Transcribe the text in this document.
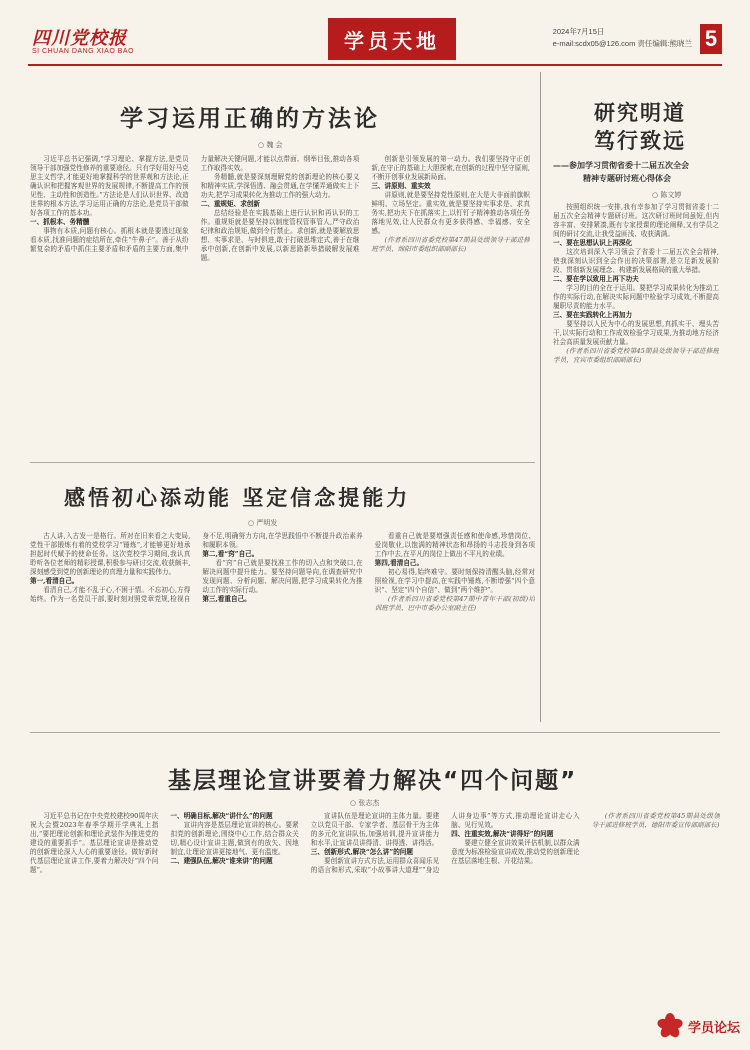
四川党校报
SI CHUAN DANG XIAO BAO	学员天地	2024年7月15日
e-mail:scdx05@126.com 责任编辑:熊晓兰 5
学习运用正确的方法论
○ 魏 会

习近平总书记强调,“学习理论、掌握方法,是党员领导干部加强党性修养的重要途径。只有学好用好马克思主义哲学,才能更好地掌握科学的世界观和方法论,正确认识和把握客观世界的发展规律,不断提高工作的预见性、主动性和创造性。”方法论是人们认识世界、改造世界的根本方法,学习运用正确的方法论,是党员干部做好各项工作的基本功。

一、抓根本、务精髓

事物有本质,问题有核心。抓根本就是要透过现象看本质,找准问题的症结所在,牵住“牛鼻子”。善于从纷繁复杂的矛盾中抓住主要矛盾和矛盾的主要方面,集中力量解决关键问题,才能以点带面、纲举目张,推动各项工作取得实效。

务精髓,就是要深刻理解党的创新理论的核心要义和精神实质,学深悟透、融会贯通,在学懂弄通做实上下功夫,把学习成果转化为推动工作的强大动力。

二、重规矩、求创新

总结经验是在实践基础上进行认识和再认识的工作。重规矩就是要坚持以制度管权管事管人,严守政治纪律和政治规矩,做到令行禁止。求创新,就是要解放思想、实事求是、与时俱进,敢于打破思维定式,善于在继承中创新,在创新中发展,以新思路新举措破解发展难题。

创新是引领发展的第一动力。我们要坚持守正创新,在守正的基础上大胆探索,在创新的过程中坚守原则,不断开创事业发展新局面。

三、讲原则、重实效

讲原则,就是要坚持党性原则,在大是大非面前旗帜鲜明、立场坚定。重实效,就是要坚持实事求是、求真务实,把功夫下在抓落实上,以钉钉子精神推动各项任务落地见效,让人民群众有更多获得感、幸福感、安全感。

(作者系四川省委党校第47期县处级领导干部进修班学员、绵阳市委组织部副部长)

研究明道
笃行致远
——参加学习贯彻省委十二届五次全会
精神专题研讨班心得体会
○ 陈文婷

按照组织统一安排,我有幸参加了学习贯彻省委十二届五次全会精神专题研讨班。这次研讨班时间虽短,但内容丰富、安排紧凑,既有专家授课的理论阐释,又有学员之间的研讨交流,让我受益匪浅、收获满满。

一、要在思想认识上再深化

这次培训深入学习领会了省委十二届五次全会精神,使我深刻认识到全会作出的决策部署,是立足新发展阶段、贯彻新发展理念、构建新发展格局的重大举措。

二、要在学以致用上再下功夫

学习的目的全在于运用。要把学习成果转化为推动工作的实际行动,在解决实际问题中检验学习成效,不断提高履职尽责的能力水平。

三、要在实践转化上再加力

要坚持以人民为中心的发展思想,真抓实干、埋头苦干,以实际行动和工作成效检验学习成果,为推动地方经济社会高质量发展贡献力量。

(作者系四川省委党校第45期县处级领导干部进修班学员、宜宾市委组织部副部长)

感悟初心添动能 坚定信念提能力
○ 严明发

古人讲,入古发一是格行。所对在旧来看之大变局,党性干部锻炼有着的党校学习“锤炼”,才能够更好地承担起时代赋予的使命任务。这次党校学习期间,我认真聆听各位老师的精彩授课,积极参与研讨交流,收获颇丰,深刻感受到党的创新理论的真理力量和实践伟力。

第一,看清自己。

看清自己,才能不乱于心,不困于情。不忘初心,方得始终。作为一名党员干部,要时刻对照党章党规,检视自身不足,明确努力方向,在学思践悟中不断提升政治素养和履职本领。

第二,看“窍”自己。

看“窍”自己就是要找准工作的切入点和突破口,在解决问题中提升能力。要坚持问题导向,在调查研究中发现问题、分析问题、解决问题,把学习成果转化为推动工作的实际行动。

第三,看重自己。

看重自己就是要增强责任感和使命感,珍惜岗位、爱岗敬业,以饱满的精神状态和昂扬的斗志投身到各项工作中去,在平凡的岗位上做出不平凡的业绩。

第四,看清自己。

初心易得,始终难守。要时刻保持清醒头脑,经常对照检视,在学习中提高,在实践中锤炼,不断增强“四个意识”、坚定“四个自信”、做到“两个维护”。

(作者系四川省委党校第47期中青年干部(初级)培训班学员、巴中市委办公室副主任)

基层理论宣讲要着力解决“四个问题”
○ 张志杰

习近平总书记在中央党校建校90周年庆祝大会暨2023年春季学期开学典礼上指出,“要把理论创新和理论武装作为推进党的建设的重要抓手”。基层理论宣讲是推动党的创新理论深入人心的重要途径。做好新时代基层理论宣讲工作,要着力解决好“四个问题”。

一、明确目标,解决“讲什么”的问题

宣讲内容是基层理论宣讲的核心。要紧扣党的创新理论,围绕中心工作,结合群众关切,精心设计宣讲主题,做到有的放矢、因地制宜,让理论宣讲更接地气、更有温度。

二、建强队伍,解决“谁来讲”的问题

宣讲队伍是理论宣讲的主体力量。要建立以党员干部、专家学者、基层骨干为主体的多元化宣讲队伍,加强培训,提升宣讲能力和水平,让宣讲员讲得清、讲得透、讲得活。

三、创新形式,解决“怎么讲”的问题

要创新宣讲方式方法,运用群众喜闻乐见的语言和形式,采取“小故事讲大道理”“身边人讲身边事”等方式,推动理论宣讲走心入脑、见行见效。

四、注重实效,解决“讲得好”的问题

要建立健全宣讲效果评估机制,以群众满意度为标准检验宣讲成效,推动党的创新理论在基层落地生根、开花结果。

(作者系四川省委党校第45期县处级领导干部进修班学员、德阳市委宣传部副部长)

学员论坛
